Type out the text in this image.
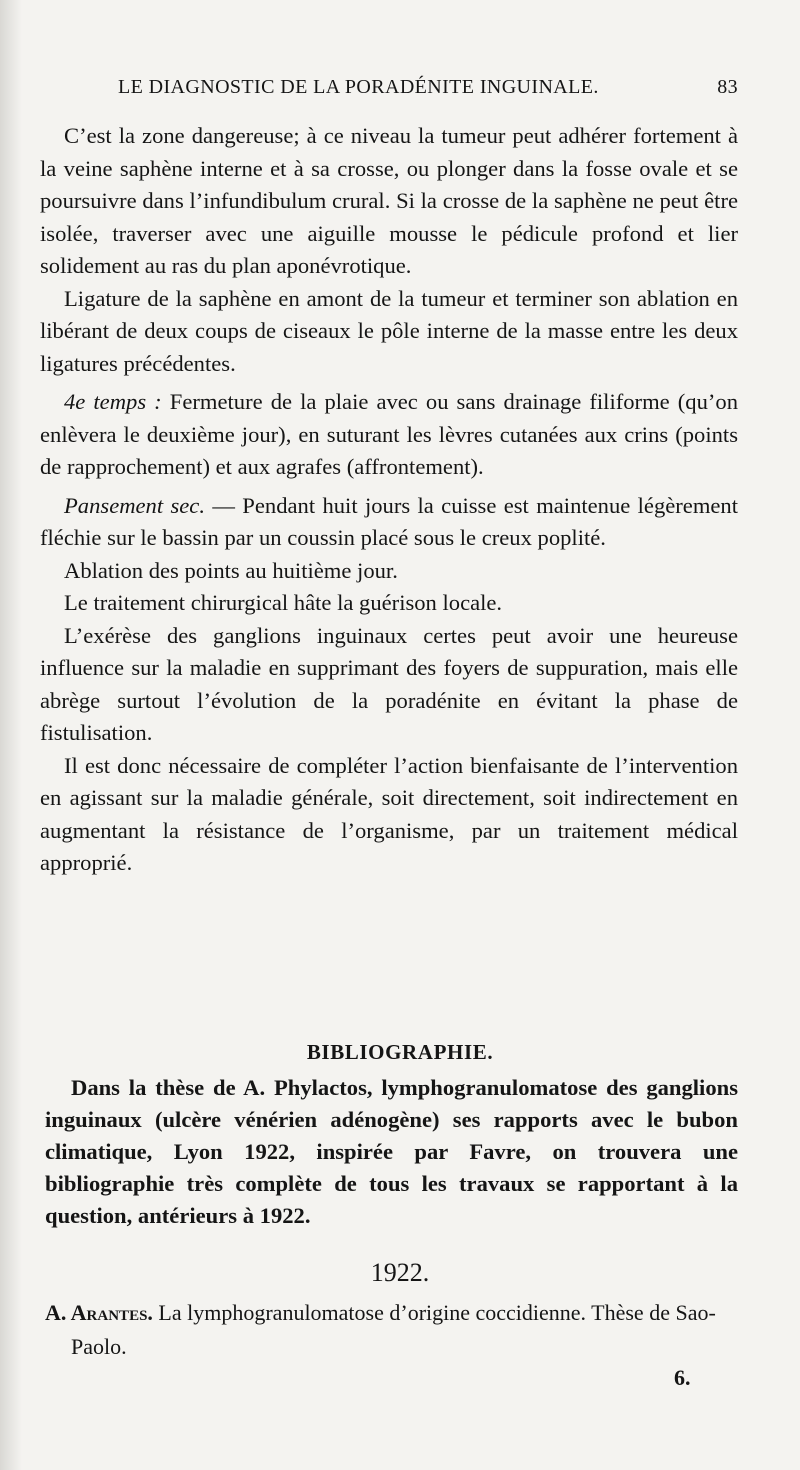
LE DIAGNOSTIC DE LA PORADÉNITE INGUINALE.	83

C’est la zone dangereuse; à ce niveau la tumeur peut adhérer fortement à la veine saphène interne et à sa crosse, ou plonger dans la fosse ovale et se poursuivre dans l’infundibulum crural. Si la crosse de la saphène ne peut être isolée, traverser avec une aiguille mousse le pédicule profond et lier solidement au ras du plan aponévrotique.

Ligature de la saphène en amont de la tumeur et terminer son ablation en libérant de deux coups de ciseaux le pôle interne de la masse entre les deux ligatures précédentes.

4e temps : Fermeture de la plaie avec ou sans drainage filiforme (qu’on enlèvera le deuxième jour), en suturant les lèvres cutanées aux crins (points de rapprochement) et aux agrafes (affrontement).

Pansement sec. — Pendant huit jours la cuisse est maintenue légèrement fléchie sur le bassin par un coussin placé sous le creux poplité.

Ablation des points au huitième jour.

Le traitement chirurgical hâte la guérison locale.

L’exérèse des ganglions inguinaux certes peut avoir une heureuse influence sur la maladie en supprimant des foyers de suppuration, mais elle abrège surtout l’évolution de la poradénite en évitant la phase de fistulisation.

Il est donc nécessaire de compléter l’action bienfaisante de l’intervention en agissant sur la maladie générale, soit directement, soit indirectement en augmentant la résistance de l’organisme, par un traitement médical approprié.

BIBLIOGRAPHIE.

Dans la thèse de A. Phylactos, lymphogranulomatose des ganglions inguinaux (ulcère vénérien adénogène) ses rapports avec le bubon climatique, Lyon 1922, inspirée par Favre, on trouvera une bibliographie très complète de tous les travaux se rapportant à la question, antérieurs à 1922.

1922.

A. Arantes. La lymphogranulomatose d’origine coccidienne. Thèse de Sao-Paolo.

6.
